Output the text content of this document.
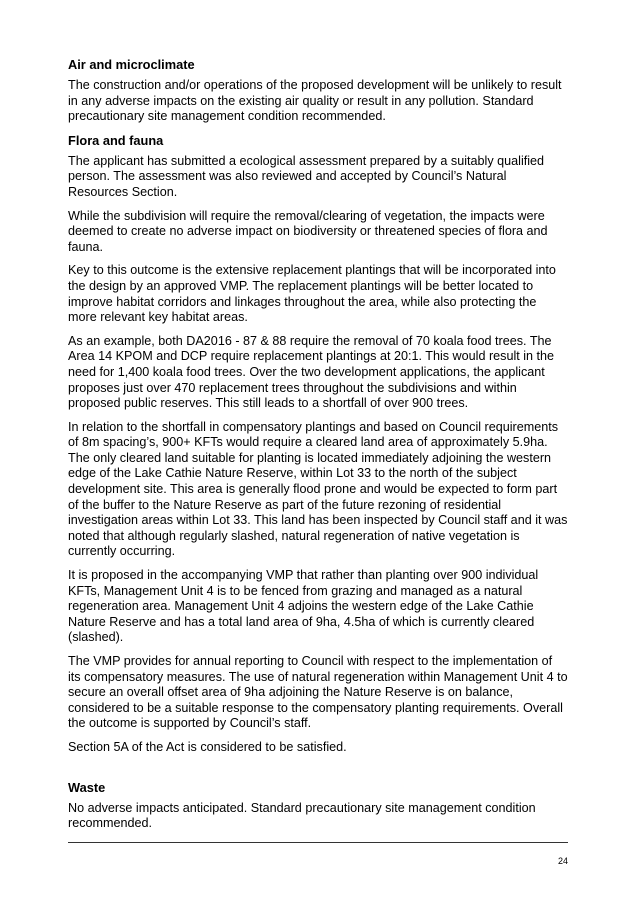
Air and microclimate

The construction and/or operations of the proposed development will be unlikely to result in any adverse impacts on the existing air quality or result in any pollution. Standard precautionary site management condition recommended.

Flora and fauna

The applicant has submitted a ecological assessment prepared by a suitably qualified person. The assessment was also reviewed and accepted by Council’s Natural Resources Section.

While the subdivision will require the removal/clearing of vegetation, the impacts were deemed to create no adverse impact on biodiversity or threatened species of flora and fauna.

Key to this outcome is the extensive replacement plantings that will be incorporated into the design by an approved VMP. The replacement plantings will be better located to improve habitat corridors and linkages throughout the area, while also protecting the more relevant key habitat areas.

As an example, both DA2016 - 87 & 88 require the removal of 70 koala food trees. The Area 14 KPOM and DCP require replacement plantings at 20:1. This would result in the need for 1,400 koala food trees. Over the two development applications, the applicant proposes just over 470 replacement trees throughout the subdivisions and within proposed public reserves. This still leads to a shortfall of over 900 trees.

In relation to the shortfall in compensatory plantings and based on Council requirements of 8m spacing’s, 900+ KFTs would require a cleared land area of approximately 5.9ha. The only cleared land suitable for planting is located immediately adjoining the western edge of the Lake Cathie Nature Reserve, within Lot 33 to the north of the subject development site. This area is generally flood prone and would be expected to form part of the buffer to the Nature Reserve as part of the future rezoning of residential investigation areas within Lot 33. This land has been inspected by Council staff and it was noted that although regularly slashed, natural regeneration of native vegetation is currently occurring.

It is proposed in the accompanying VMP that rather than planting over 900 individual KFTs, Management Unit 4 is to be fenced from grazing and managed as a natural regeneration area. Management Unit 4 adjoins the western edge of the Lake Cathie Nature Reserve and has a total land area of 9ha, 4.5ha of which is currently cleared (slashed).

The VMP provides for annual reporting to Council with respect to the implementation of its compensatory measures. The use of natural regeneration within Management Unit 4 to secure an overall offset area of 9ha adjoining the Nature Reserve is on balance, considered to be a suitable response to the compensatory planting requirements. Overall the outcome is supported by Council’s staff.

Section 5A of the Act is considered to be satisfied.

Waste

No adverse impacts anticipated. Standard precautionary site management condition recommended.

24
